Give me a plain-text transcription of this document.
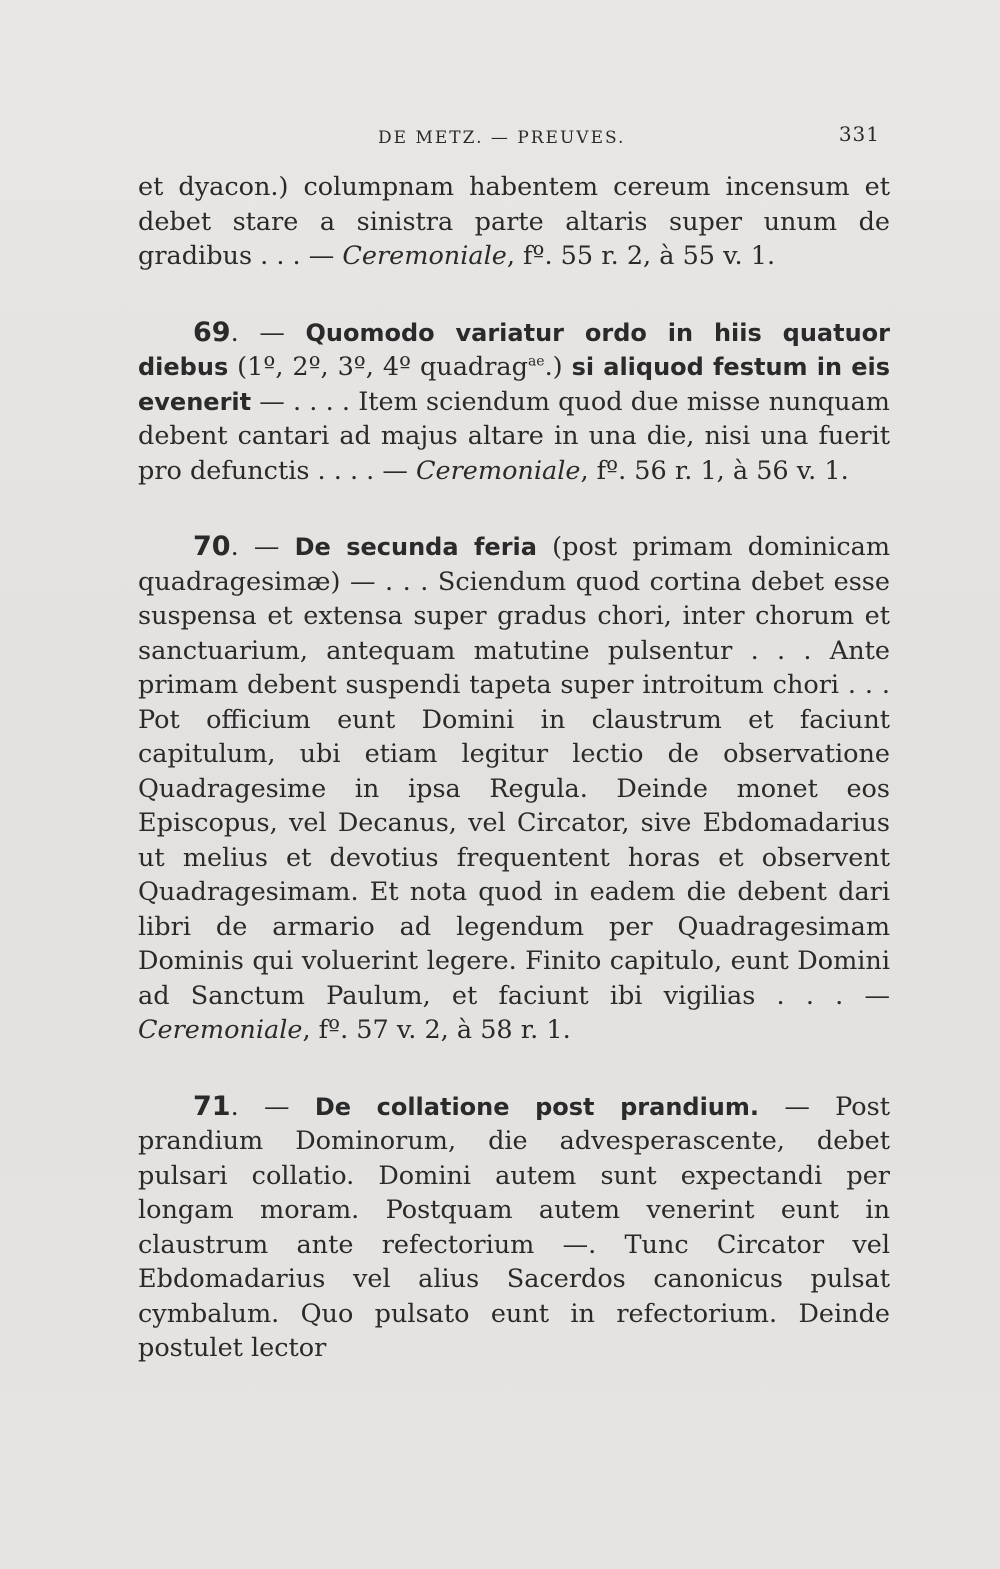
DE METZ. — PREUVES.	331

et dyacon.) columpnam habentem cereum incensum et debet stare a sinistra parte altaris super unum de gradibus . . . — Ceremoniale, fº. 55 r. 2, à 55 v. 1.

69. — Quomodo variatur ordo in hiis quatuor diebus (1º, 2º, 3º, 4º quadrag$^{ae}$.) si aliquod festum in eis evenerit — . . . . Item sciendum quod due misse nunquam debent cantari ad majus altare in una die, nisi una fuerit pro defunctis . . . . — Ceremoniale, fº. 56 r. 1, à 56 v. 1.

70. — De secunda feria (post primam dominicam quadragesimæ) — . . . Sciendum quod cortina debet esse suspensa et extensa super gradus chori, inter chorum et sanctuarium, antequam matutine pulsentur . . . Ante primam debent suspendi tapeta super introitum chori . . . Pot officium eunt Domini in claustrum et faciunt capitulum, ubi etiam legitur lectio de observatione Quadragesime in ipsa Regula. Deinde monet eos Episcopus, vel Decanus, vel Circator, sive Ebdomadarius ut melius et devotius frequentent horas et observent Quadragesimam. Et nota quod in eadem die debent dari libri de armario ad legendum per Quadragesimam Dominis qui voluerint legere. Finito capitulo, eunt Domini ad Sanctum Paulum, et faciunt ibi vigilias . . . — Ceremoniale, fº. 57 v. 2, à 58 r. 1.

71. — De collatione post prandium. — Post prandium Dominorum, die advesperascente, debet pulsari collatio. Domini autem sunt expectandi per longam moram. Postquam autem venerint eunt in claustrum ante refectorium —. Tunc Circator vel Ebdomadarius vel alius Sacerdos canonicus pulsat cymbalum. Quo pulsato eunt in refectorium. Deinde postulet lector
